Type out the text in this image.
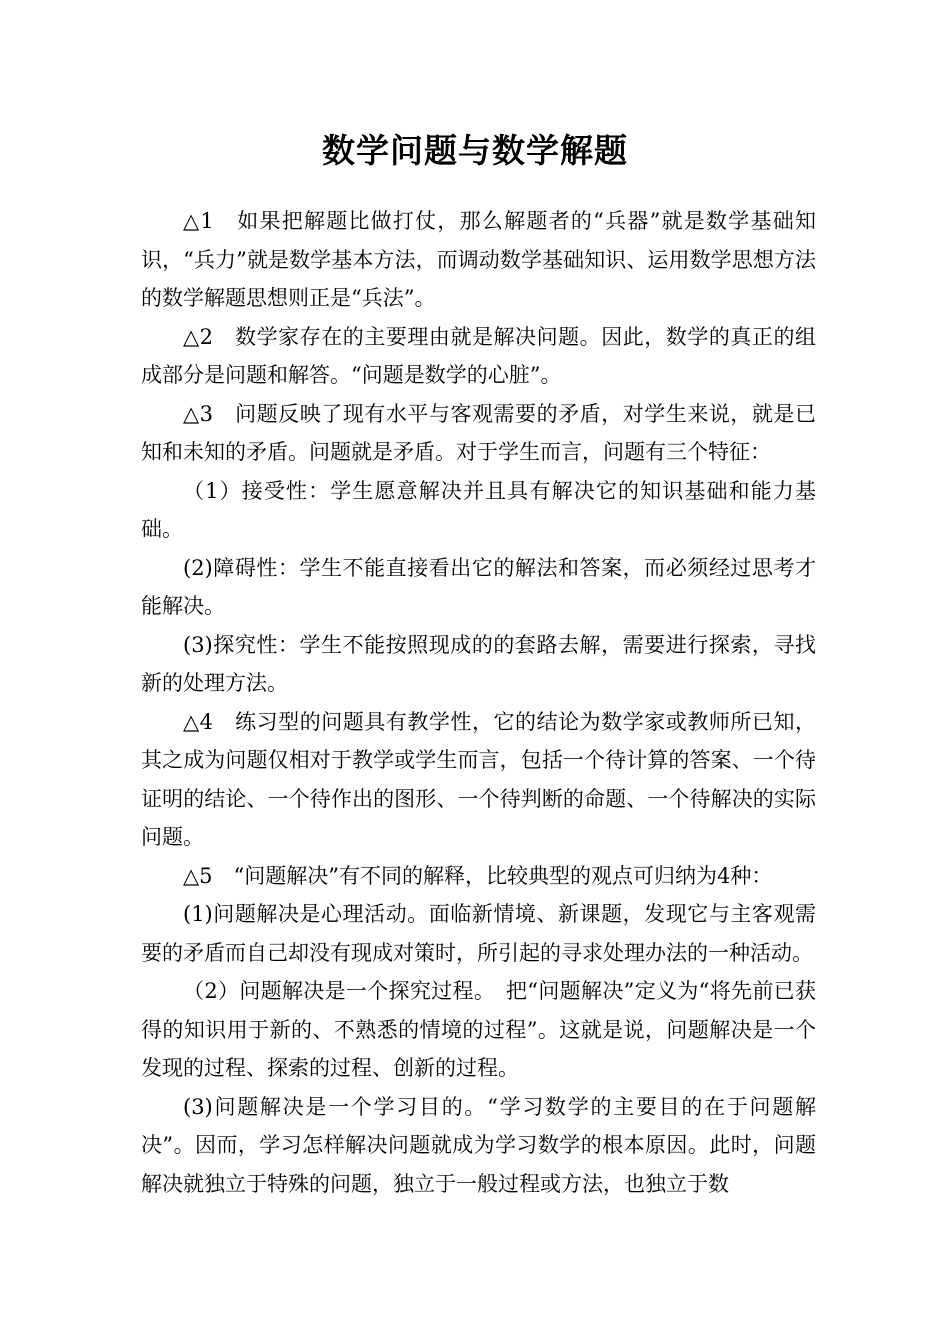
数学问题与数学解题

△1　如果把解题比做打仗，那么解题者的“兵器”就是数学基础知识，“兵力”就是数学基本方法，而调动数学基础知识、运用数学思想方法的数学解题思想则正是“兵法”。

△2　数学家存在的主要理由就是解决问题。因此，数学的真正的组成部分是问题和解答。“问题是数学的心脏”。

△3　问题反映了现有水平与客观需要的矛盾，对学生来说，就是已知和未知的矛盾。问题就是矛盾。对于学生而言，问题有三个特征：

（1）接受性：学生愿意解决并且具有解决它的知识基础和能力基础。

(2)障碍性：学生不能直接看出它的解法和答案，而必须经过思考才能解决。

(3)探究性：学生不能按照现成的的套路去解，需要进行探索，寻找新的处理方法。

△4　练习型的问题具有教学性，它的结论为数学家或教师所已知，其之成为问题仅相对于教学或学生而言，包括一个待计算的答案、一个待证明的结论、一个待作出的图形、一个待判断的命题、一个待解决的实际问题。

△5　“问题解决”有不同的解释，比较典型的观点可归纳为4种：

(1)问题解决是心理活动。面临新情境、新课题，发现它与主客观需要的矛盾而自己却没有现成对策时，所引起的寻求处理办法的一种活动。

（2）问题解决是一个探究过程。　把“问题解决”定义为“将先前已获得的知识用于新的、不熟悉的情境的过程”。这就是说，问题解决是一个发现的过程、探索的过程、创新的过程。

(3)问题解决是一个学习目的。“学习数学的主要目的在于问题解决”。因而，学习怎样解决问题就成为学习数学的根本原因。此时，问题解决就独立于特殊的问题，独立于一般过程或方法，也独立于数
